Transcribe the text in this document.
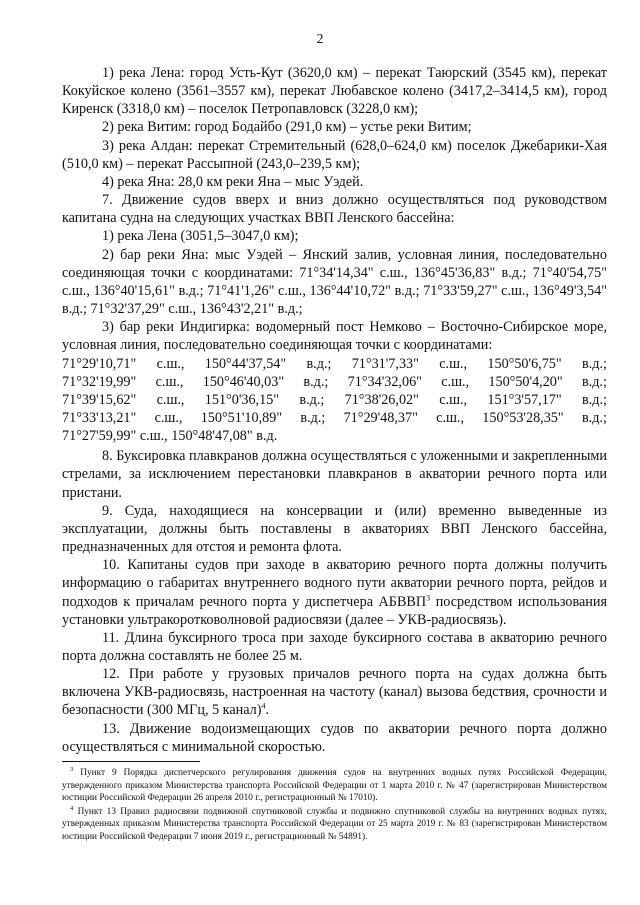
2

1) река Лена: город Усть-Кут (3620,0 км) – перекат Таюрский (3545 км), перекат Кокуйское колено (3561–3557 км), перекат Любавское колено (3417,2–3414,5 км), город Киренск (3318,0 км) – поселок Петропавловск (3228,0 км);

2) река Витим: город Бодайбо (291,0 км) – устье реки Витим;

3) река Алдан: перекат Стремительный (628,0–624,0 км) поселок Джебарики-Хая (510,0 км) – перекат Рассыпной (243,0–239,5 км);

4) река Яна: 28,0 км реки Яна – мыс Уэдей.

7. Движение судов вверх и вниз должно осуществляться под руководством капитана судна на следующих участках ВВП Ленского бассейна:

1) река Лена (3051,5–3047,0 км);

2) бар реки Яна: мыс Уэдей – Янский залив, условная линия, последовательно соединяющая точки с координатами: 71°34'14,34" с.ш., 136°45'36,83" в.д.; 71°40'54,75" с.ш., 136°40'15,61" в.д.; 71°41'1,26" с.ш., 136°44'10,72" в.д.; 71°33'59,27" с.ш., 136°49'3,54" в.д.; 71°32'37,29" с.ш., 136°43'2,21" в.д.;

3) бар реки Индигирка: водомерный пост Немково – Восточно-Сибирское море, условная линия, последовательно соединяющая точки с координатами:

71°29'10,71" с.ш., 150°44'37,54" в.д.; 71°31'7,33" с.ш., 150°50'6,75" в.д.;
71°32'19,99" с.ш., 150°46'40,03" в.д.; 71°34'32,06" с.ш., 150°50'4,20" в.д.;
71°39'15,62" с.ш., 151°0'36,15" в.д.; 71°38'26,02" с.ш., 151°3'57,17" в.д.;
71°33'13,21" с.ш., 150°51'10,89" в.д.; 71°29'48,37" с.ш., 150°53'28,35" в.д.;
71°27'59,99" с.ш., 150°48'47,08" в.д.

8. Буксировка плавкранов должна осуществляться с уложенными и закрепленными стрелами, за исключением перестановки плавкранов в акватории речного порта или пристани.

9. Суда, находящиеся на консервации и (или) временно выведенные из эксплуатации, должны быть поставлены в акваториях ВВП Ленского бассейна, предназначенных для отстоя и ремонта флота.

10. Капитаны судов при заходе в акваторию речного порта должны получить информацию о габаритах внутреннего водного пути акватории речного порта, рейдов и подходов к причалам речного порта у диспетчера АБВВП$^3$ посредством использования установки ультракоротковолновой радиосвязи (далее – УКВ-радиосвязь).

11. Длина буксирного троса при заходе буксирного состава в акваторию речного порта должна составлять не более 25 м.

12. При работе у грузовых причалов речного порта на судах должна быть включена УКВ-радиосвязь, настроенная на частоту (канал) вызова бедствия, срочности и безопасности (300 МГц, 5 канал)$^4$.

13. Движение водоизмещающих судов по акватории речного порта должно осуществляться с минимальной скоростью.

$^3$ Пункт 9 Порядка диспетчерского регулирования движения судов на внутренних водных путях Российской Федерации, утвержденного приказом Министерства транспорта Российской Федерации от 1 марта 2010 г. № 47 (зарегистрирован Министерством юстиции Российской Федерации 26 апреля 2010 г., регистрационный № 17010).

$^4$ Пункт 13 Правил радиосвязи подвижной спутниковой службы и подвижно спутниковой службы на внутренних водных путях, утвержденных приказом Министерства транспорта Российской Федерации от 25 марта 2019 г. № 83 (зарегистрирован Министерством юстиции Российской Федерации 7 июня 2019 г., регистрационный № 54891).
